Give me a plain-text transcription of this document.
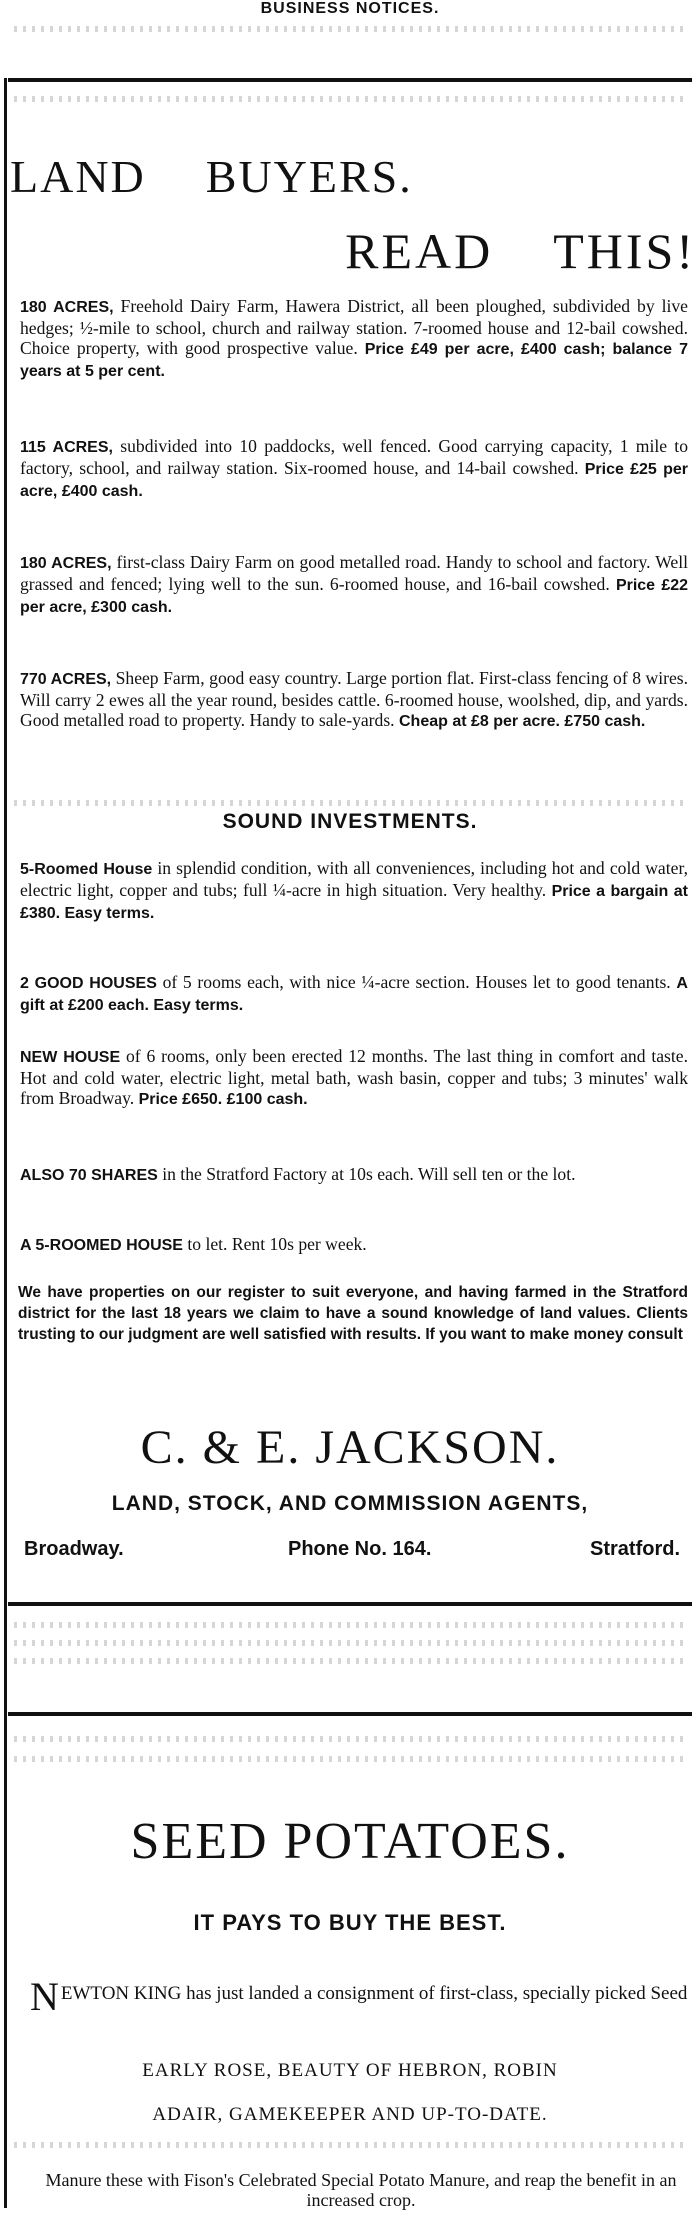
BUSINESS NOTICES.
LAND BUYERS.
READ THIS!
180 ACRES, Freehold Dairy Farm, Hawera District, all been ploughed, subdivided by live hedges; ½-mile to school, church and railway station. 7-roomed house and 12-bail cowshed. Choice property, with good prospective value. Price £49 per acre, £400 cash; balance 7 years at 5 per cent.
115 ACRES, subdivided into 10 paddocks, well fenced. Good carrying capacity, 1 mile to factory, school, and railway station. Six-roomed house, and 14-bail cowshed. Price £25 per acre, £400 cash.
180 ACRES, first-class Dairy Farm on good metalled road. Handy to school and factory. Well grassed and fenced; lying well to the sun. 6-roomed house, and 16-bail cowshed. Price £22 per acre, £300 cash.
770 ACRES, Sheep Farm, good easy country. Large portion flat. First-class fencing of 8 wires. Will carry 2 ewes all the year round, besides cattle. 6-roomed house, woolshed, dip, and yards. Good metalled road to property. Handy to sale-yards. Cheap at £8 per acre. £750 cash.
SOUND INVESTMENTS.
5-Roomed House in splendid condition, with all conveniences, including hot and cold water, electric light, copper and tubs; full ¼-acre in high situation. Very healthy. Price a bargain at £380. Easy terms.
2 GOOD HOUSES of 5 rooms each, with nice ¼-acre section. Houses let to good tenants. A gift at £200 each. Easy terms.
NEW HOUSE of 6 rooms, only been erected 12 months. The last thing in comfort and taste. Hot and cold water, electric light, metal bath, wash basin, copper and tubs; 3 minutes' walk from Broadway. Price £650. £100 cash.
ALSO 70 SHARES in the Stratford Factory at 10s each. Will sell ten or the lot.
A 5-ROOMED HOUSE to let. Rent 10s per week.
We have properties on our register to suit everyone, and having farmed in the Stratford district for the last 18 years we claim to have a sound knowledge of land values. Clients trusting to our judgment are well satisfied with results. If you want to make money consult
C. & E. JACKSON.
LAND, STOCK, AND COMMISSION AGENTS,
Broadway.	Phone No. 164.	Stratford.
SEED POTATOES.
IT PAYS TO BUY THE BEST.
N EWTON KING has just landed a consignment of first-class, specially picked Seed
EARLY ROSE, BEAUTY OF HEBRON, ROBIN
ADAIR, GAMEKEEPER AND UP-TO-DATE.
Manure these with Fison's Celebrated Special Potato Manure, and reap the benefit in an increased crop.
